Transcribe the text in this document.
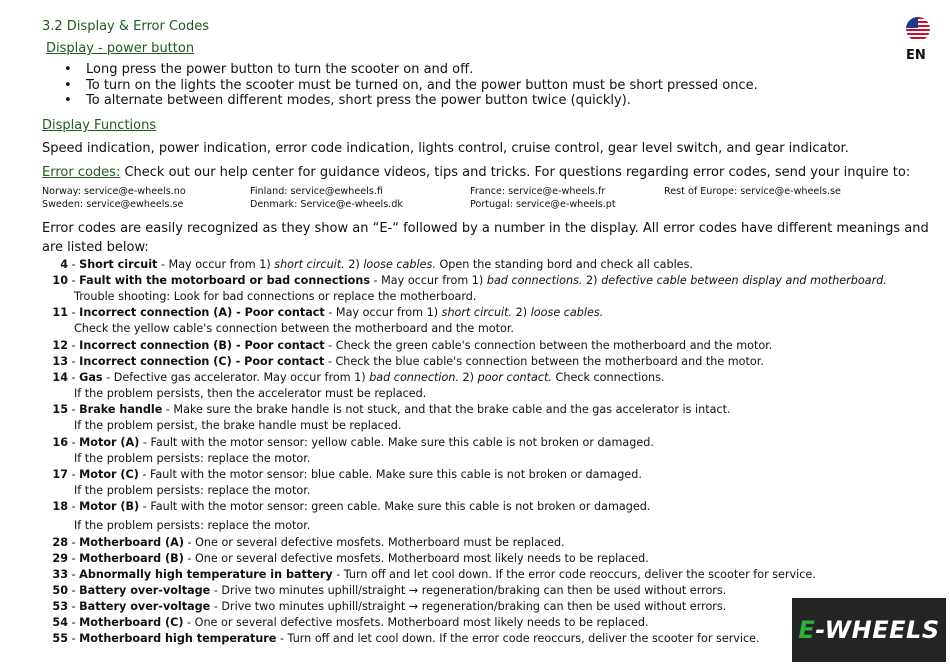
3.2 Display & Error Codes
EN
Display - power button
• Long press the power button to turn the scooter on and off.
• To turn on the lights the scooter must be turned on, and the power button must be short pressed once.
• To alternate between different modes, short press the power button twice (quickly).
Display Functions
Speed indication, power indication, error code indication, lights control, cruise control, gear level switch, and gear indicator.
Error codes: Check out our help center for guidance videos, tips and tricks. For questions regarding error codes, send your inquire to:
Norway: service@e-wheels.no	Finland: service@ewheels.fi	France: service@e-wheels.fr	Rest of Europe: service@e-wheels.se
Sweden: service@ewheels.se	Denmark: Service@e-wheels.dk	Portugal: service@e-wheels.pt
Error codes are easily recognized as they show an “E-“ followed by a number in the display. All error codes have different meanings and
are listed below:
4 - Short circuit - May occur from 1) short circuit. 2) loose cables. Open the standing bord and check all cables.
10 - Fault with the motorboard or bad connections - May occur from 1) bad connections. 2) defective cable between display and motherboard.
Trouble shooting: Look for bad connections or replace the motherboard.
11 - Incorrect connection (A) - Poor contact - May occur from 1) short circuit. 2) loose cables.
Check the yellow cable's connection between the motherboard and the motor.
12 - Incorrect connection (B) - Poor contact - Check the green cable's connection between the motherboard and the motor.
13 - Incorrect connection (C) - Poor contact - Check the blue cable's connection between the motherboard and the motor.
14 - Gas - Defective gas accelerator. May occur from 1) bad connection. 2) poor contact. Check connections.
If the problem persists, then the accelerator must be replaced.
15 - Brake handle - Make sure the brake handle is not stuck, and that the brake cable and the gas accelerator is intact.
If the problem persist, the brake handle must be replaced.
16 - Motor (A) - Fault with the motor sensor: yellow cable. Make sure this cable is not broken or damaged.
If the problem persists: replace the motor.
17 - Motor (C) - Fault with the motor sensor: blue cable. Make sure this cable is not broken or damaged.
If the problem persists: replace the motor.
18 - Motor (B) - Fault with the motor sensor: green cable. Make sure this cable is not broken or damaged.
If the problem persists: replace the motor.
28 - Motherboard (A) - One or several defective mosfets. Motherboard must be replaced.
29 - Motherboard (B) - One or several defective mosfets. Motherboard most likely needs to be replaced.
33 - Abnormally high temperature in battery - Turn off and let cool down. If the error code reoccurs, deliver the scooter for service.
50 - Battery over-voltage - Drive two minutes uphill/straight → regeneration/braking can then be used without errors.
53 - Battery over-voltage - Drive two minutes uphill/straight → regeneration/braking can then be used without errors.
54 - Motherboard (C) - One or several defective mosfets. Motherboard most likely needs to be replaced.
55 - Motherboard high temperature - Turn off and let cool down. If the error code reoccurs, deliver the scooter for service. E-WHEELS
